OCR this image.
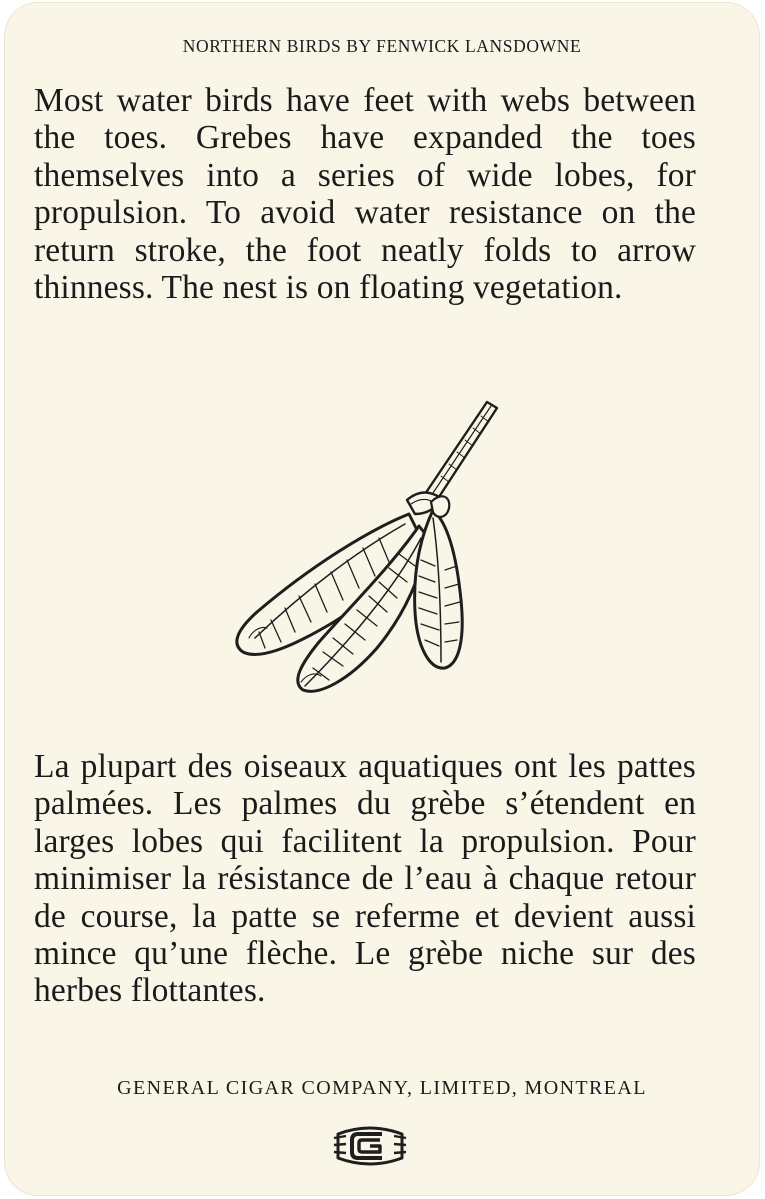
NORTHERN BIRDS BY FENWICK LANSDOWNE

Most water birds have feet with webs between the toes. Grebes have expanded the toes themselves into a series of wide lobes, for propulsion. To avoid water resistance on the return stroke, the foot neatly folds to arrow thinness. The nest is on floating vegetation.

La plupart des oiseaux aquatiques ont les pattes palmées. Les palmes du grèbe s’étendent en larges lobes qui facilitent la propulsion. Pour minimiser la résistance de l’eau à chaque retour de course, la patte se referme et devient aussi mince qu’une flèche. Le grèbe niche sur des herbes flottantes.

GENERAL CIGAR COMPANY, LIMITED, MONTREAL
